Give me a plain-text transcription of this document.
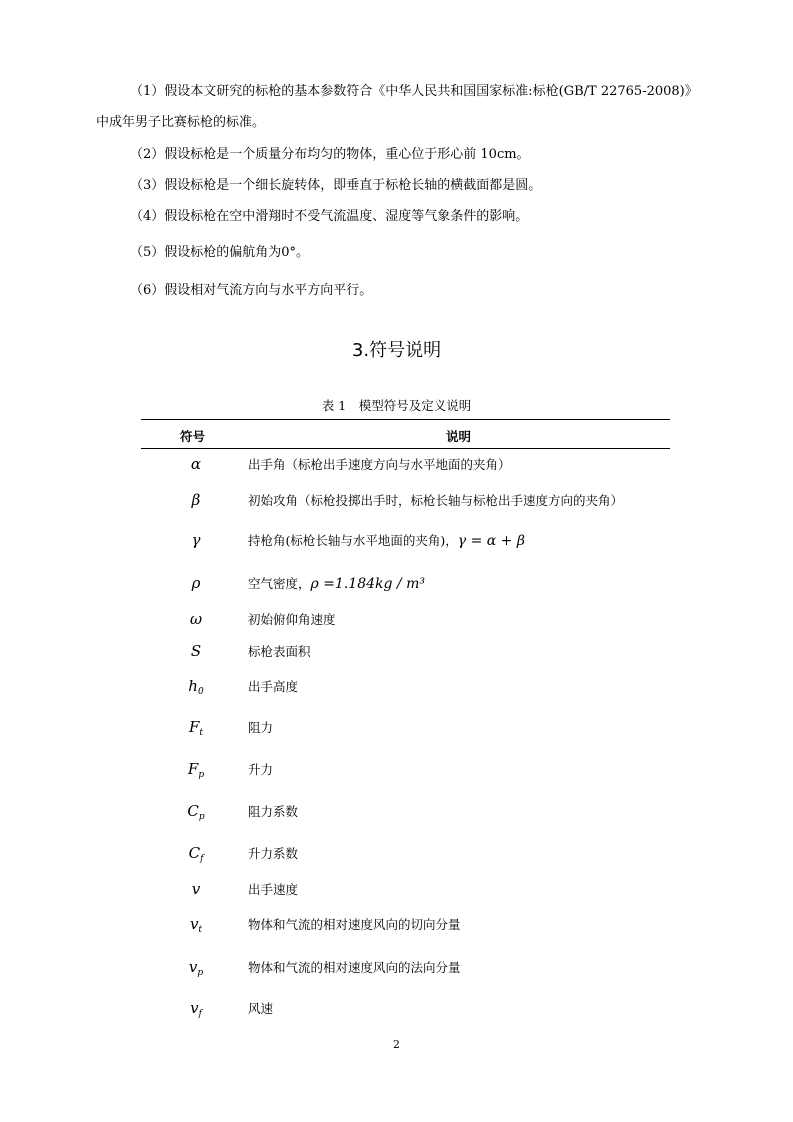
（1）假设本文研究的标枪的基本参数符合《中华人民共和国国家标准:标枪(GB/T 22765-2008)》
中成年男子比赛标枪的标准。
（2）假设标枪是一个质量分布均匀的物体，重心位于形心前 10cm。
（3）假设标枪是一个细长旋转体，即垂直于标枪长轴的横截面都是圆。
（4）假设标枪在空中滑翔时不受气流温度、湿度等气象条件的影响。
（5）假设标枪的偏航角为0°。
（6）假设相对气流方向与水平方向平行。
3.符号说明
表 1　模型符号及定义说明
符号	说明
α	出手角（标枪出手速度方向与水平地面的夹角）
β	初始攻角（标枪投掷出手时，标枪长轴与标枪出手速度方向的夹角）
γ	持枪角(标枪长轴与水平地面的夹角)，γ = α + β
ρ	空气密度，ρ =1.184kg / m³
ω	初始俯仰角速度
S	标枪表面积
$h_0$	出手高度
$F_t$	阻力
$F_p$	升力
$C_p$	阻力系数
$C_f$	升力系数
v	出手速度
$v_t$	物体和气流的相对速度风向的切向分量
$v_p$	物体和气流的相对速度风向的法向分量
$v_f$	风速
2
